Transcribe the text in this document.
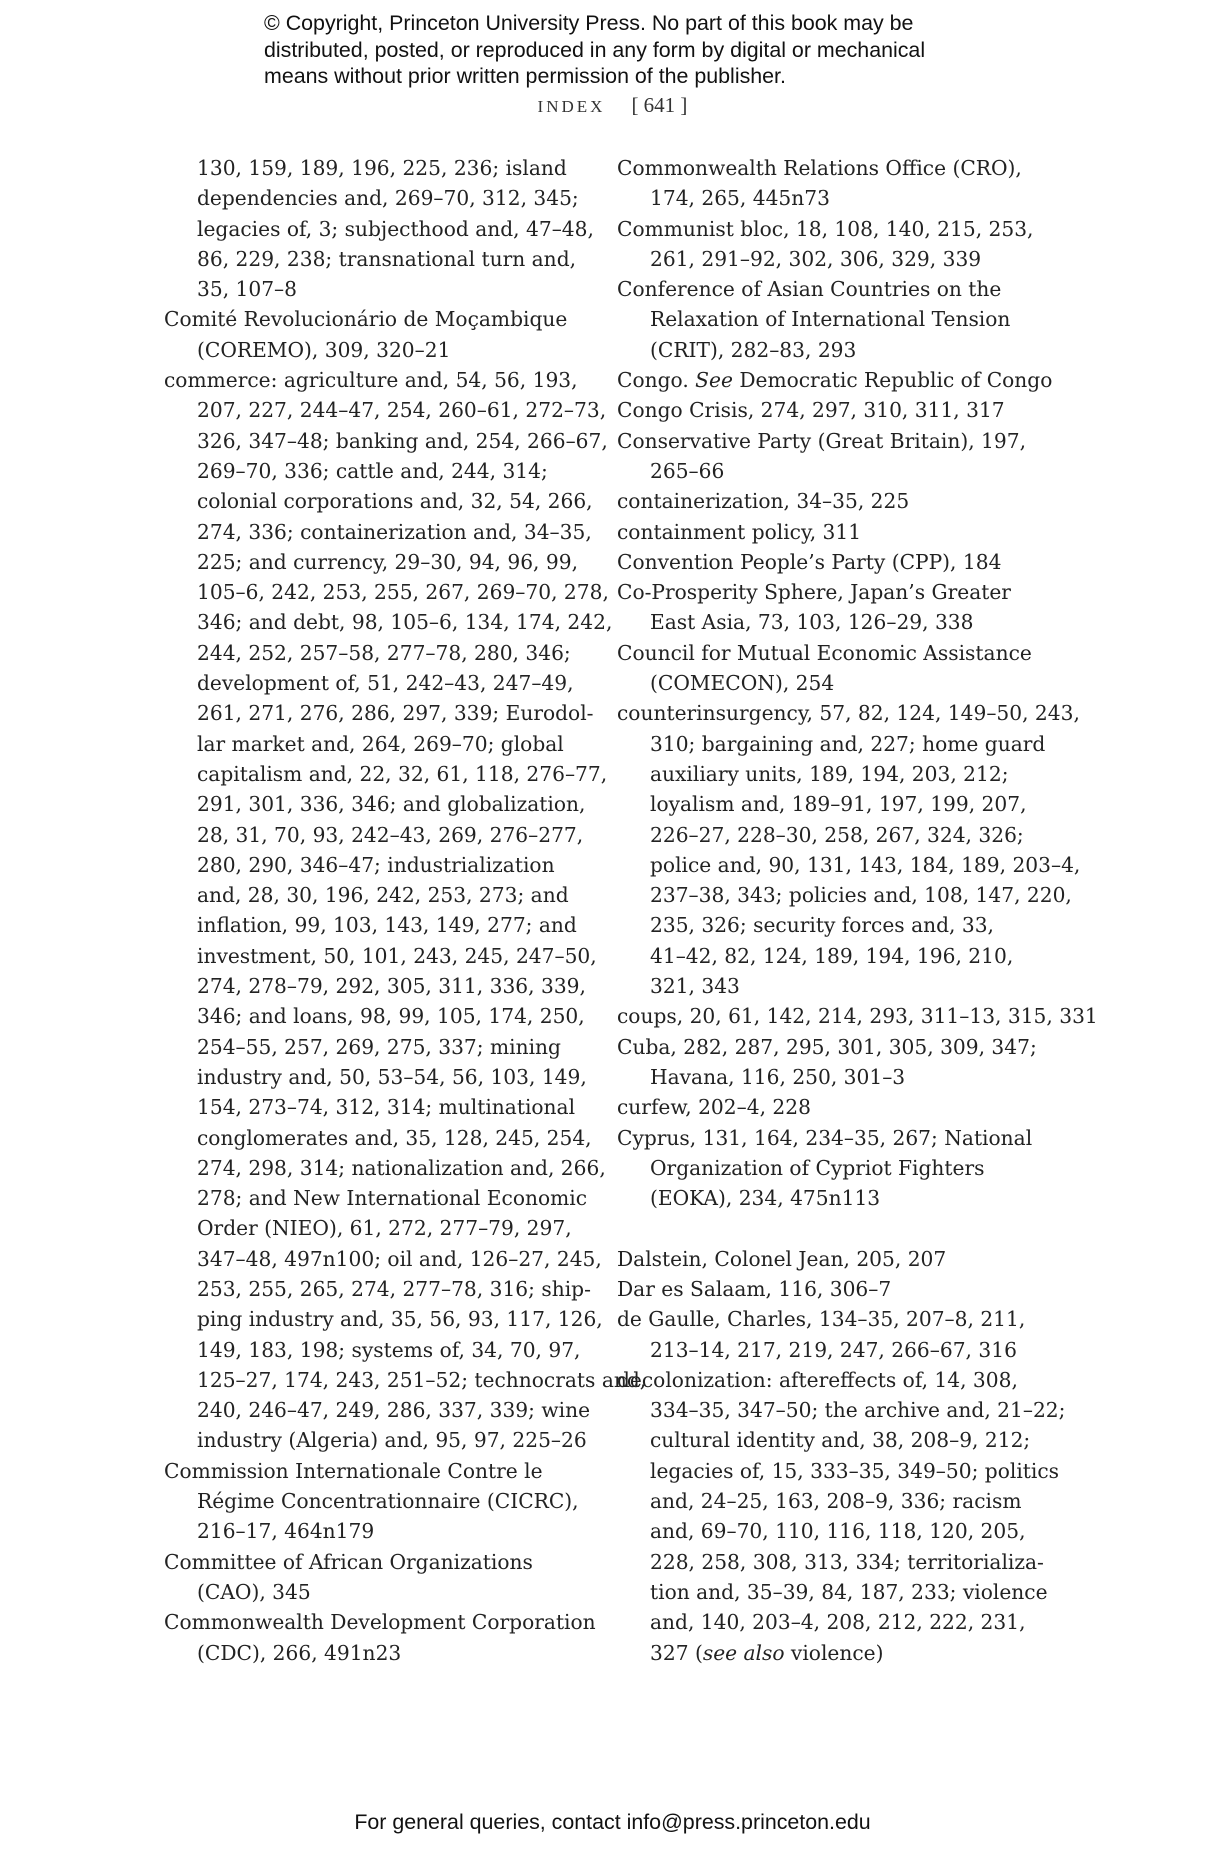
© Copyright, Princeton University Press. No part of this book may be
distributed, posted, or reproduced in any form by digital or mechanical
means without prior written permission of the publisher.
INDEX [ 641 ]
130, 159, 189, 196, 225, 236; island
dependencies and, 269–70, 312, 345;
legacies of, 3; subjecthood and, 47–48,
86, 229, 238; transnational turn and,
35, 107–8
Comité Revolucionário de Moçambique
(COREMO), 309, 320–21
commerce: agriculture and, 54, 56, 193,
207, 227, 244–47, 254, 260–61, 272–73,
326, 347–48; banking and, 254, 266–67,
269–70, 336; cattle and, 244, 314;
colonial corporations and, 32, 54, 266,
274, 336; containerization and, 34–35,
225; and currency, 29–30, 94, 96, 99,
105–6, 242, 253, 255, 267, 269–70, 278,
346; and debt, 98, 105–6, 134, 174, 242,
244, 252, 257–58, 277–78, 280, 346;
development of, 51, 242–43, 247–49,
261, 271, 276, 286, 297, 339; Eurodol-
lar market and, 264, 269–70; global
capitalism and, 22, 32, 61, 118, 276–77,
291, 301, 336, 346; and globalization,
28, 31, 70, 93, 242–43, 269, 276–277,
280, 290, 346–47; industrialization
and, 28, 30, 196, 242, 253, 273; and
inflation, 99, 103, 143, 149, 277; and
investment, 50, 101, 243, 245, 247–50,
274, 278–79, 292, 305, 311, 336, 339,
346; and loans, 98, 99, 105, 174, 250,
254–55, 257, 269, 275, 337; mining
industry and, 50, 53–54, 56, 103, 149,
154, 273–74, 312, 314; multinational
conglomerates and, 35, 128, 245, 254,
274, 298, 314; nationalization and, 266,
278; and New International Economic
Order (NIEO), 61, 272, 277–79, 297,
347–48, 497n100; oil and, 126–27, 245,
253, 255, 265, 274, 277–78, 316; ship-
ping industry and, 35, 56, 93, 117, 126,
149, 183, 198; systems of, 34, 70, 97,
125–27, 174, 243, 251–52; technocrats and,
240, 246–47, 249, 286, 337, 339; wine
industry (Algeria) and, 95, 97, 225–26
Commission Internationale Contre le
Régime Concentrationnaire (CICRC),
216–17, 464n179
Committee of African Organizations
(CAO), 345
Commonwealth Development Corporation
(CDC), 266, 491n23
Commonwealth Relations Office (CRO),
174, 265, 445n73
Communist bloc, 18, 108, 140, 215, 253,
261, 291–92, 302, 306, 329, 339
Conference of Asian Countries on the
Relaxation of International Tension
(CRIT), 282–83, 293
Congo. See Democratic Republic of Congo
Congo Crisis, 274, 297, 310, 311, 317
Conservative Party (Great Britain), 197,
265–66
containerization, 34–35, 225
containment policy, 311
Convention People’s Party (CPP), 184
Co-Prosperity Sphere, Japan’s Greater
East Asia, 73, 103, 126–29, 338
Council for Mutual Economic Assistance
(COMECON), 254
counterinsurgency, 57, 82, 124, 149–50, 243,
310; bargaining and, 227; home guard
auxiliary units, 189, 194, 203, 212;
loyalism and, 189–91, 197, 199, 207,
226–27, 228–30, 258, 267, 324, 326;
police and, 90, 131, 143, 184, 189, 203–4,
237–38, 343; policies and, 108, 147, 220,
235, 326; security forces and, 33,
41–42, 82, 124, 189, 194, 196, 210,
321, 343
coups, 20, 61, 142, 214, 293, 311–13, 315, 331
Cuba, 282, 287, 295, 301, 305, 309, 347;
Havana, 116, 250, 301–3
curfew, 202–4, 228
Cyprus, 131, 164, 234–35, 267; National
Organization of Cypriot Fighters
(EOKA), 234, 475n113
Dalstein, Colonel Jean, 205, 207
Dar es Salaam, 116, 306–7
de Gaulle, Charles, 134–35, 207–8, 211,
213–14, 217, 219, 247, 266–67, 316
decolonization: aftereffects of, 14, 308,
334–35, 347–50; the archive and, 21–22;
cultural identity and, 38, 208–9, 212;
legacies of, 15, 333–35, 349–50; politics
and, 24–25, 163, 208–9, 336; racism
and, 69–70, 110, 116, 118, 120, 205,
228, 258, 308, 313, 334; territorializa-
tion and, 35–39, 84, 187, 233; violence
and, 140, 203–4, 208, 212, 222, 231,
327 (see also violence)
For general queries, contact info@press.princeton.edu
